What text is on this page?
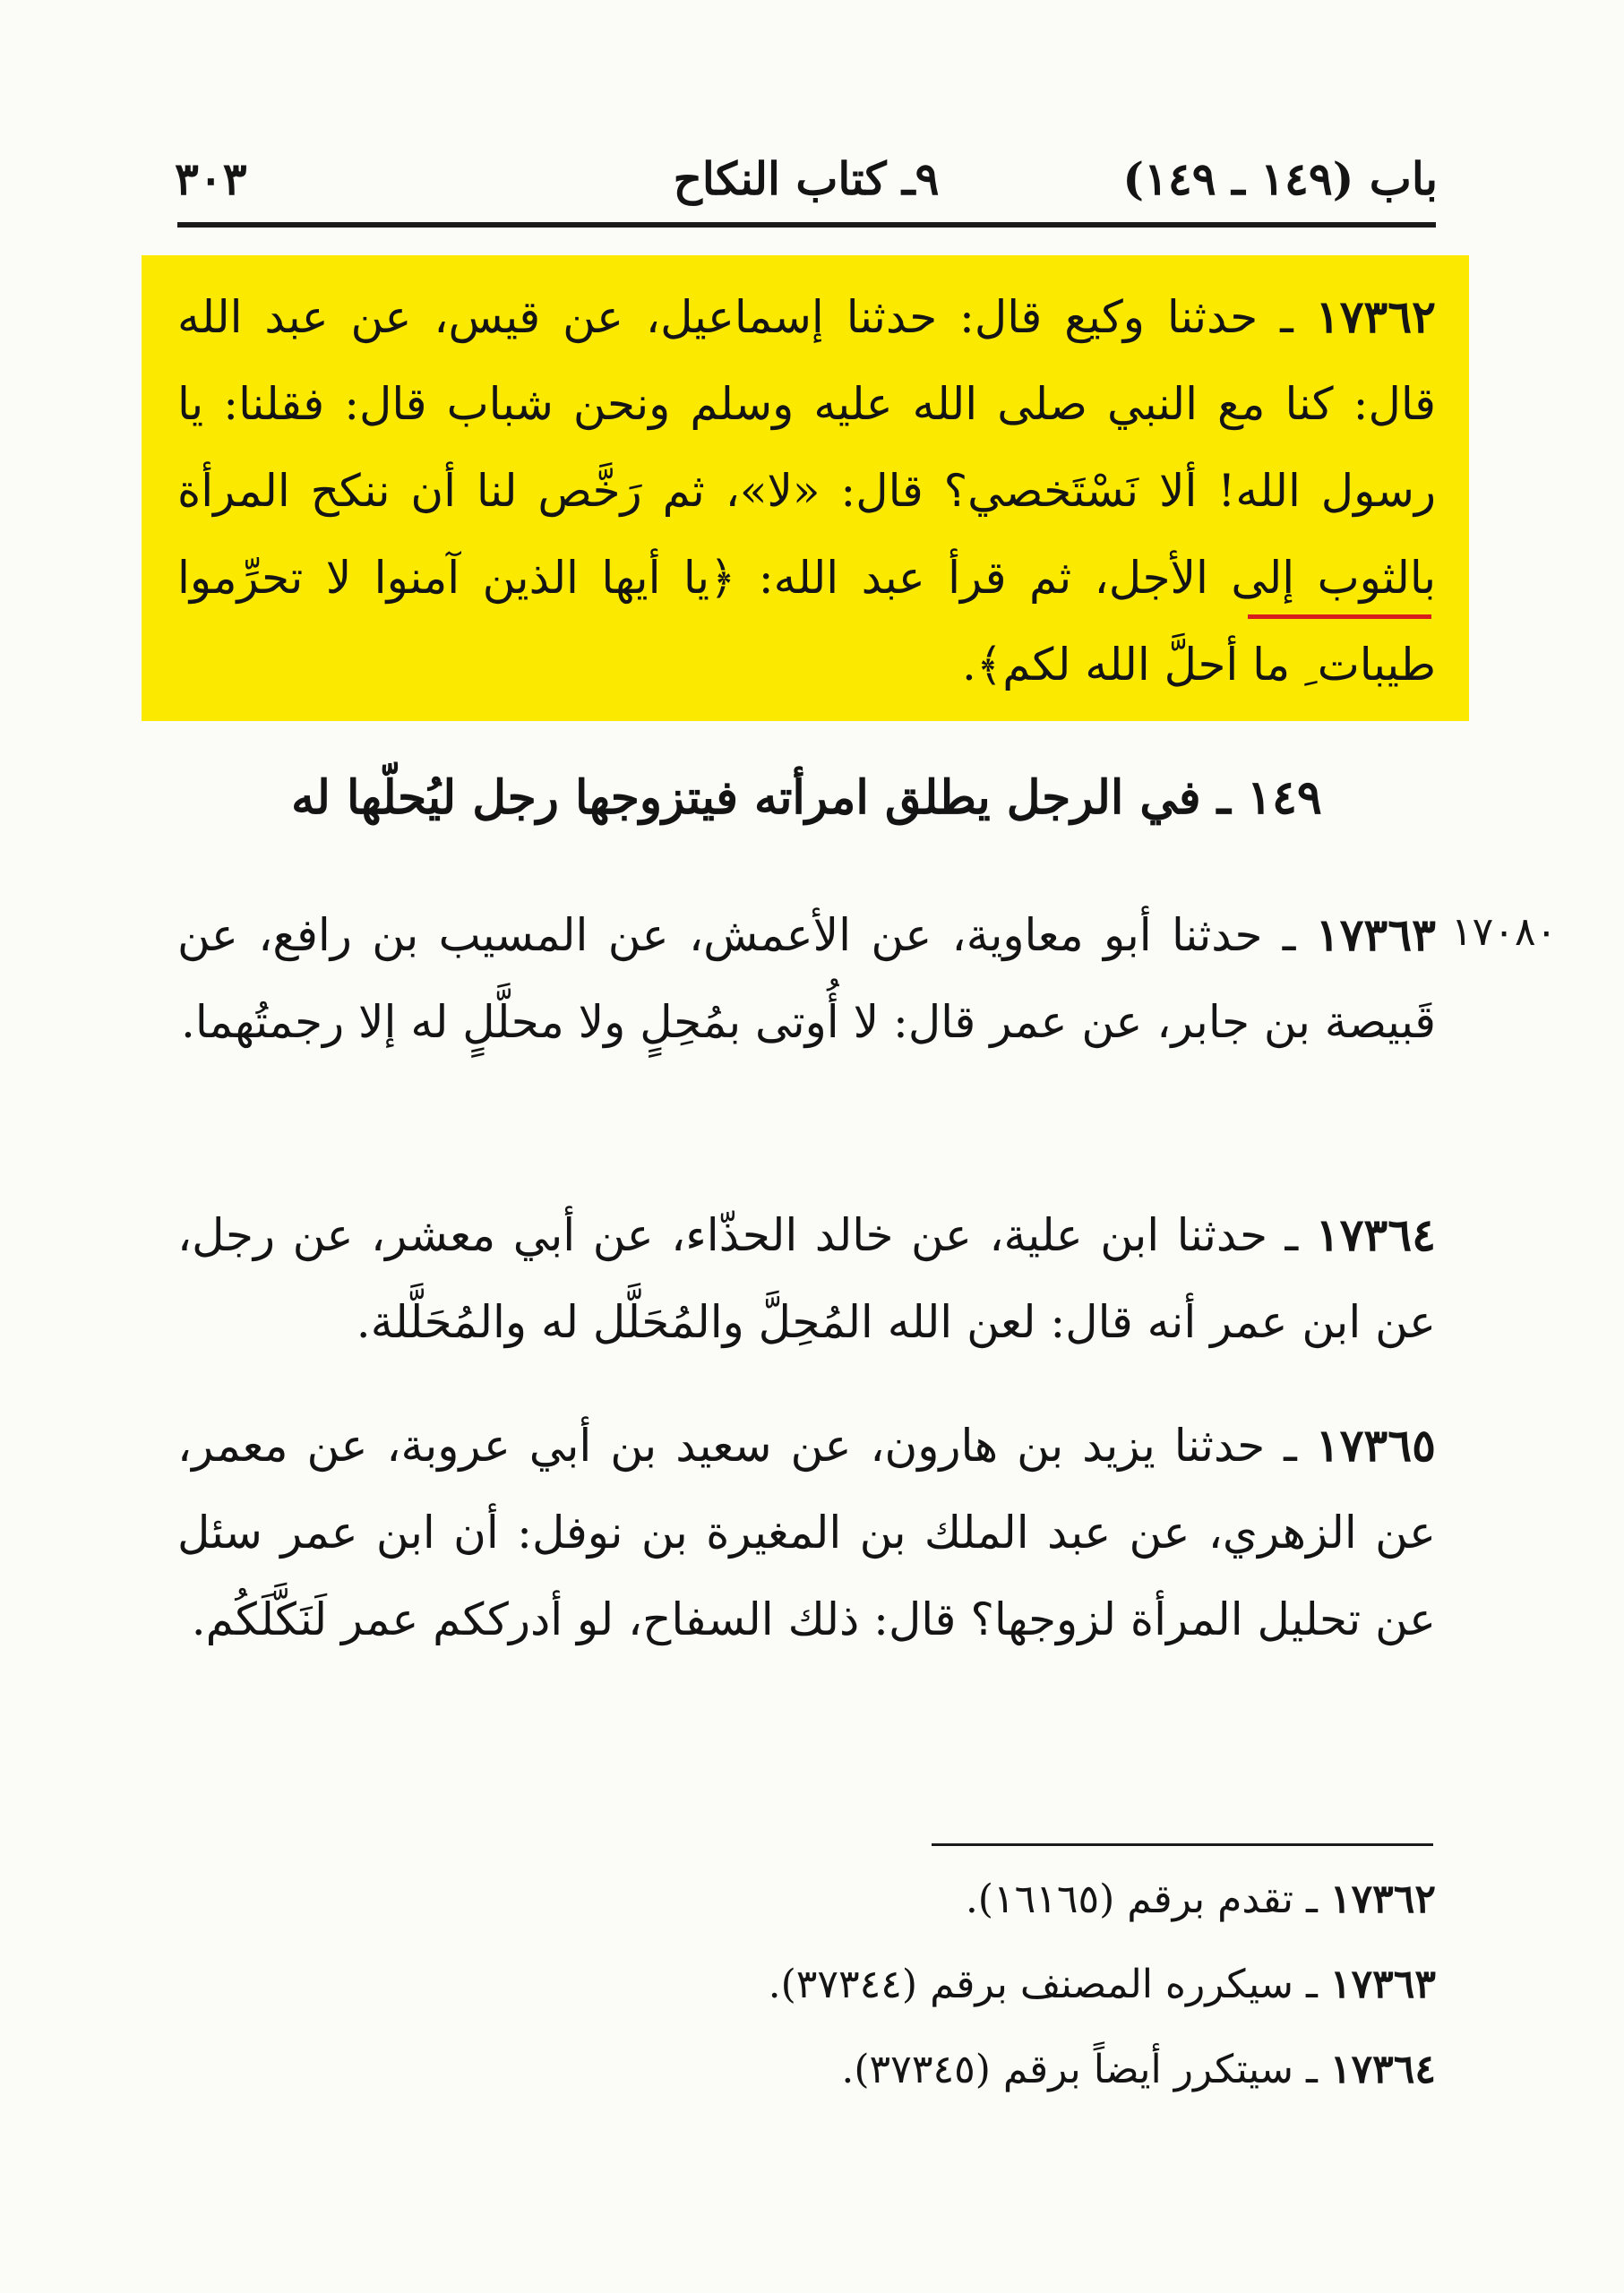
باب (١٤٩ ـ ١٤٩)
٩ـ كتاب النكاح
٣٠٣
١٧٣٦٢ ـ حدثنا وكيع قال: حدثنا إسماعيل، عن قيس، عن عبد الله قال: كنا مع النبي صلى الله عليه وسلم ونحن شباب قال: فقلنا: يا رسول الله! ألا نَسْتَخصي؟ قال: «لا»، ثم رَخَّص لنا أن ننكح المرأة بالثوب إلى الأجل، ثم قرأ عبد الله: ﴿يا أيها الذين آمنوا لا تحرِّموا طيبات ِ ما أحلَّ الله لكم﴾.
١٤٩ ـ في الرجل يطلق امرأته فيتزوجها رجل ليُحلّها له
١٧٠٨٠
١٧٣٦٣ ـ حدثنا أبو معاوية، عن الأعمش، عن المسيب بن رافع، عن قَبيصة بن جابر، عن عمر قال: لا أُوتى بمُحِلٍ ولا محلَّلٍ له إلا رجمتُهما.
١٧٣٦٤ ـ حدثنا ابن علية، عن خالد الحذّاء، عن أبي معشر، عن رجل، عن ابن عمر أنه قال: لعن الله المُحِلَّ والمُحَلَّل له والمُحَلَّلة.
١٧٣٦٥ ـ حدثنا يزيد بن هارون، عن سعيد بن أبي عروبة، عن معمر، عن الزهري، عن عبد الملك بن المغيرة بن نوفل: أن ابن عمر سئل عن تحليل المرأة لزوجها؟ قال: ذلك السفاح، لو أدرككم عمر لَنَكَّلَكُم.
١٧٣٦٢ ـ تقدم برقم (١٦١٦٥).
١٧٣٦٣ ـ سيكرره المصنف برقم (٣٧٣٤٤).
١٧٣٦٤ ـ سيتكرر أيضاً برقم (٣٧٣٤٥).
